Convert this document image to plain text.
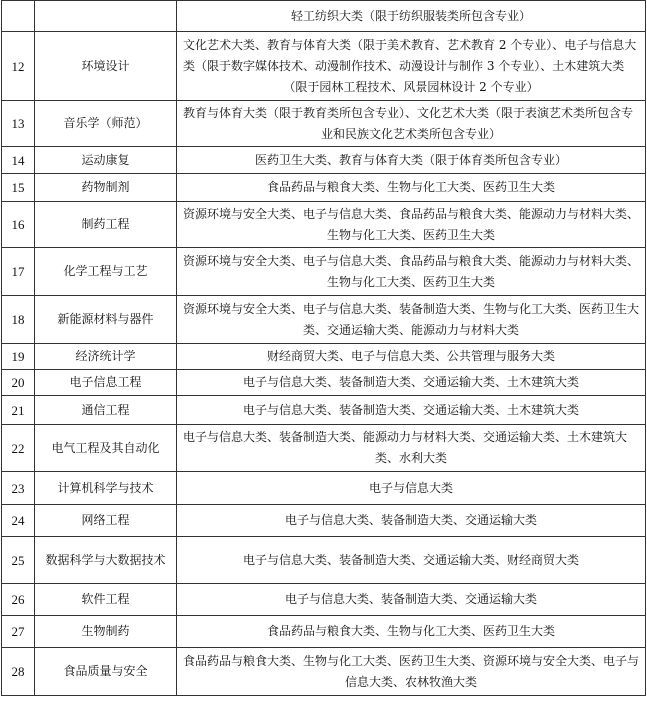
		轻工纺织大类（限于纺织服装类所包含专业）
12	环境设计	文化艺术大类、教育与体育大类（限于美术教育、艺术教育 2 个专业）、电子与信息大类（限于数字媒体技术、动漫制作技术、动漫设计与制作 3 个专业）、土木建筑大类（限于园林工程技术、风景园林设计 2 个专业）
13	音乐学（师范）	教育与体育大类（限于教育类所包含专业）、文化艺术大类（限于表演艺术类所包含专业和民族文化艺术类所包含专业）
14	运动康复	医药卫生大类、教育与体育大类（限于体育类所包含专业）
15	药物制剂	食品药品与粮食大类、生物与化工大类、医药卫生大类
16	制药工程	资源环境与安全大类、电子与信息大类、食品药品与粮食大类、能源动力与材料大类、生物与化工大类、医药卫生大类
17	化学工程与工艺	资源环境与安全大类、电子与信息大类、食品药品与粮食大类、能源动力与材料大类、生物与化工大类、医药卫生大类
18	新能源材料与器件	资源环境与安全大类、电子与信息大类、装备制造大类、生物与化工大类、医药卫生大类、交通运输大类、能源动力与材料大类
19	经济统计学	财经商贸大类、电子与信息大类、公共管理与服务大类
20	电子信息工程	电子与信息大类、装备制造大类、交通运输大类、土木建筑大类
21	通信工程	电子与信息大类、装备制造大类、交通运输大类、土木建筑大类
22	电气工程及其自动化	电子与信息大类、装备制造大类、能源动力与材料大类、交通运输大类、土木建筑大类、水利大类
23	计算机科学与技术	电子与信息大类
24	网络工程	电子与信息大类、装备制造大类、交通运输大类
25	数据科学与大数据技术	电子与信息大类、装备制造大类、交通运输大类、财经商贸大类
26	软件工程	电子与信息大类、装备制造大类、交通运输大类
27	生物制药	食品药品与粮食大类、生物与化工大类、医药卫生大类
28	食品质量与安全	食品药品与粮食大类、生物与化工大类、医药卫生大类、资源环境与安全大类、电子与信息大类、农林牧渔大类
